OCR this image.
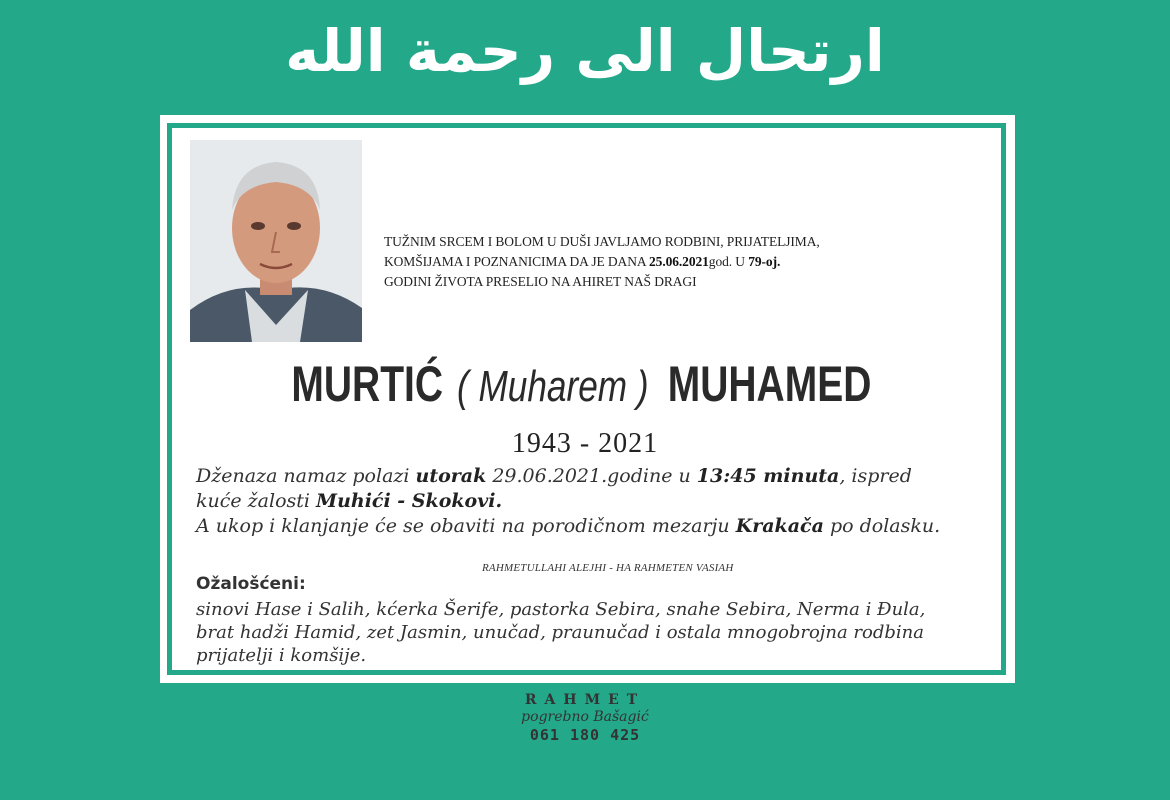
ارتحال الى رحمة الله
TUŽNIM SRCEM I BOLOM U DUŠI JAVLJAMO RODBINI, PRIJATELJIMA,
KOMŠIJAMA I POZNANICIMA DA JE DANA 25.06.2021god. U 79-oj.
GODINI ŽIVOTA PRESELIO NA AHIRET NAŠ DRAGI
MURTIĆ ( Muharem ) MUHAMED
1943 - 2021
Dženaza namaz polazi utorak 29.06.2021.godine u 13:45 minuta, ispred
kuće žalosti Muhići - Skokovi.
A ukop i klanjanje će se obaviti na porodičnom mezarju Krakača po dolasku.
RAHMETULLAHI ALEJHI - HA RAHMETEN VASIAH
Ožalošćeni:
sinovi Hase i Salih, kćerka Šerife, pastorka Sebira, snahe Sebira, Nerma i Đula,
brat hadži Hamid, zet Jasmin, unučad, praunučad i ostala mnogobrojna rodbina
prijatelji i komšije.
RAHMET
pogrebno Bašagić
061 180 425
